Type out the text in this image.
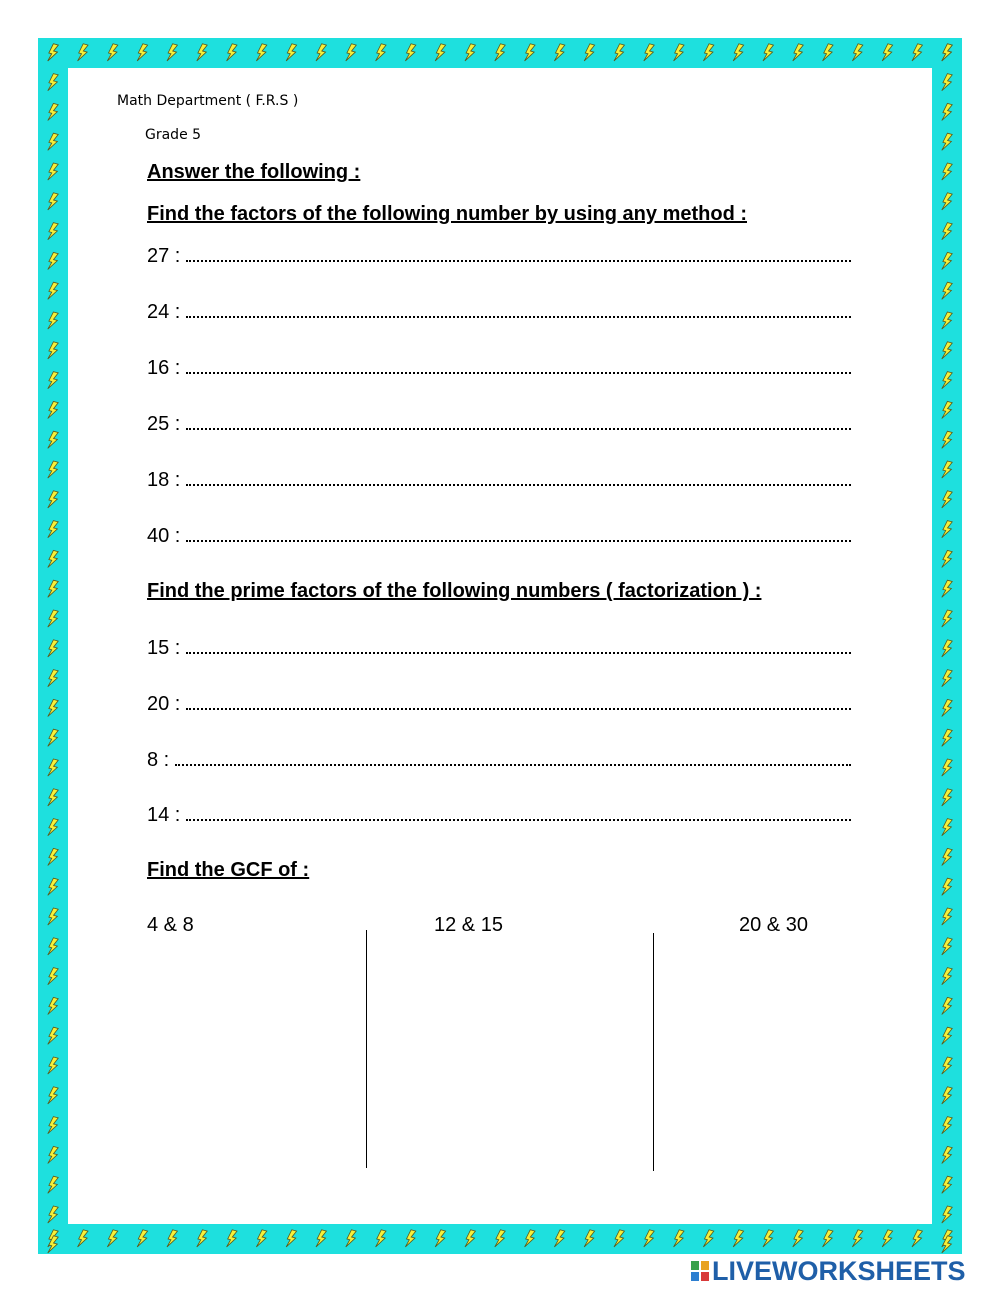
Math Department ( F.R.S )
Grade 5
Answer the following :
Find the factors of the following number by using any method :
27 :
24 :
16 :
25 :
18 :
40 :
Find the prime factors of the following numbers ( factorization ) :
15 :
20 :
8 :
14 :
Find the GCF of :
4 & 8	12 & 15	20 & 30
LIVEWORKSHEETS
